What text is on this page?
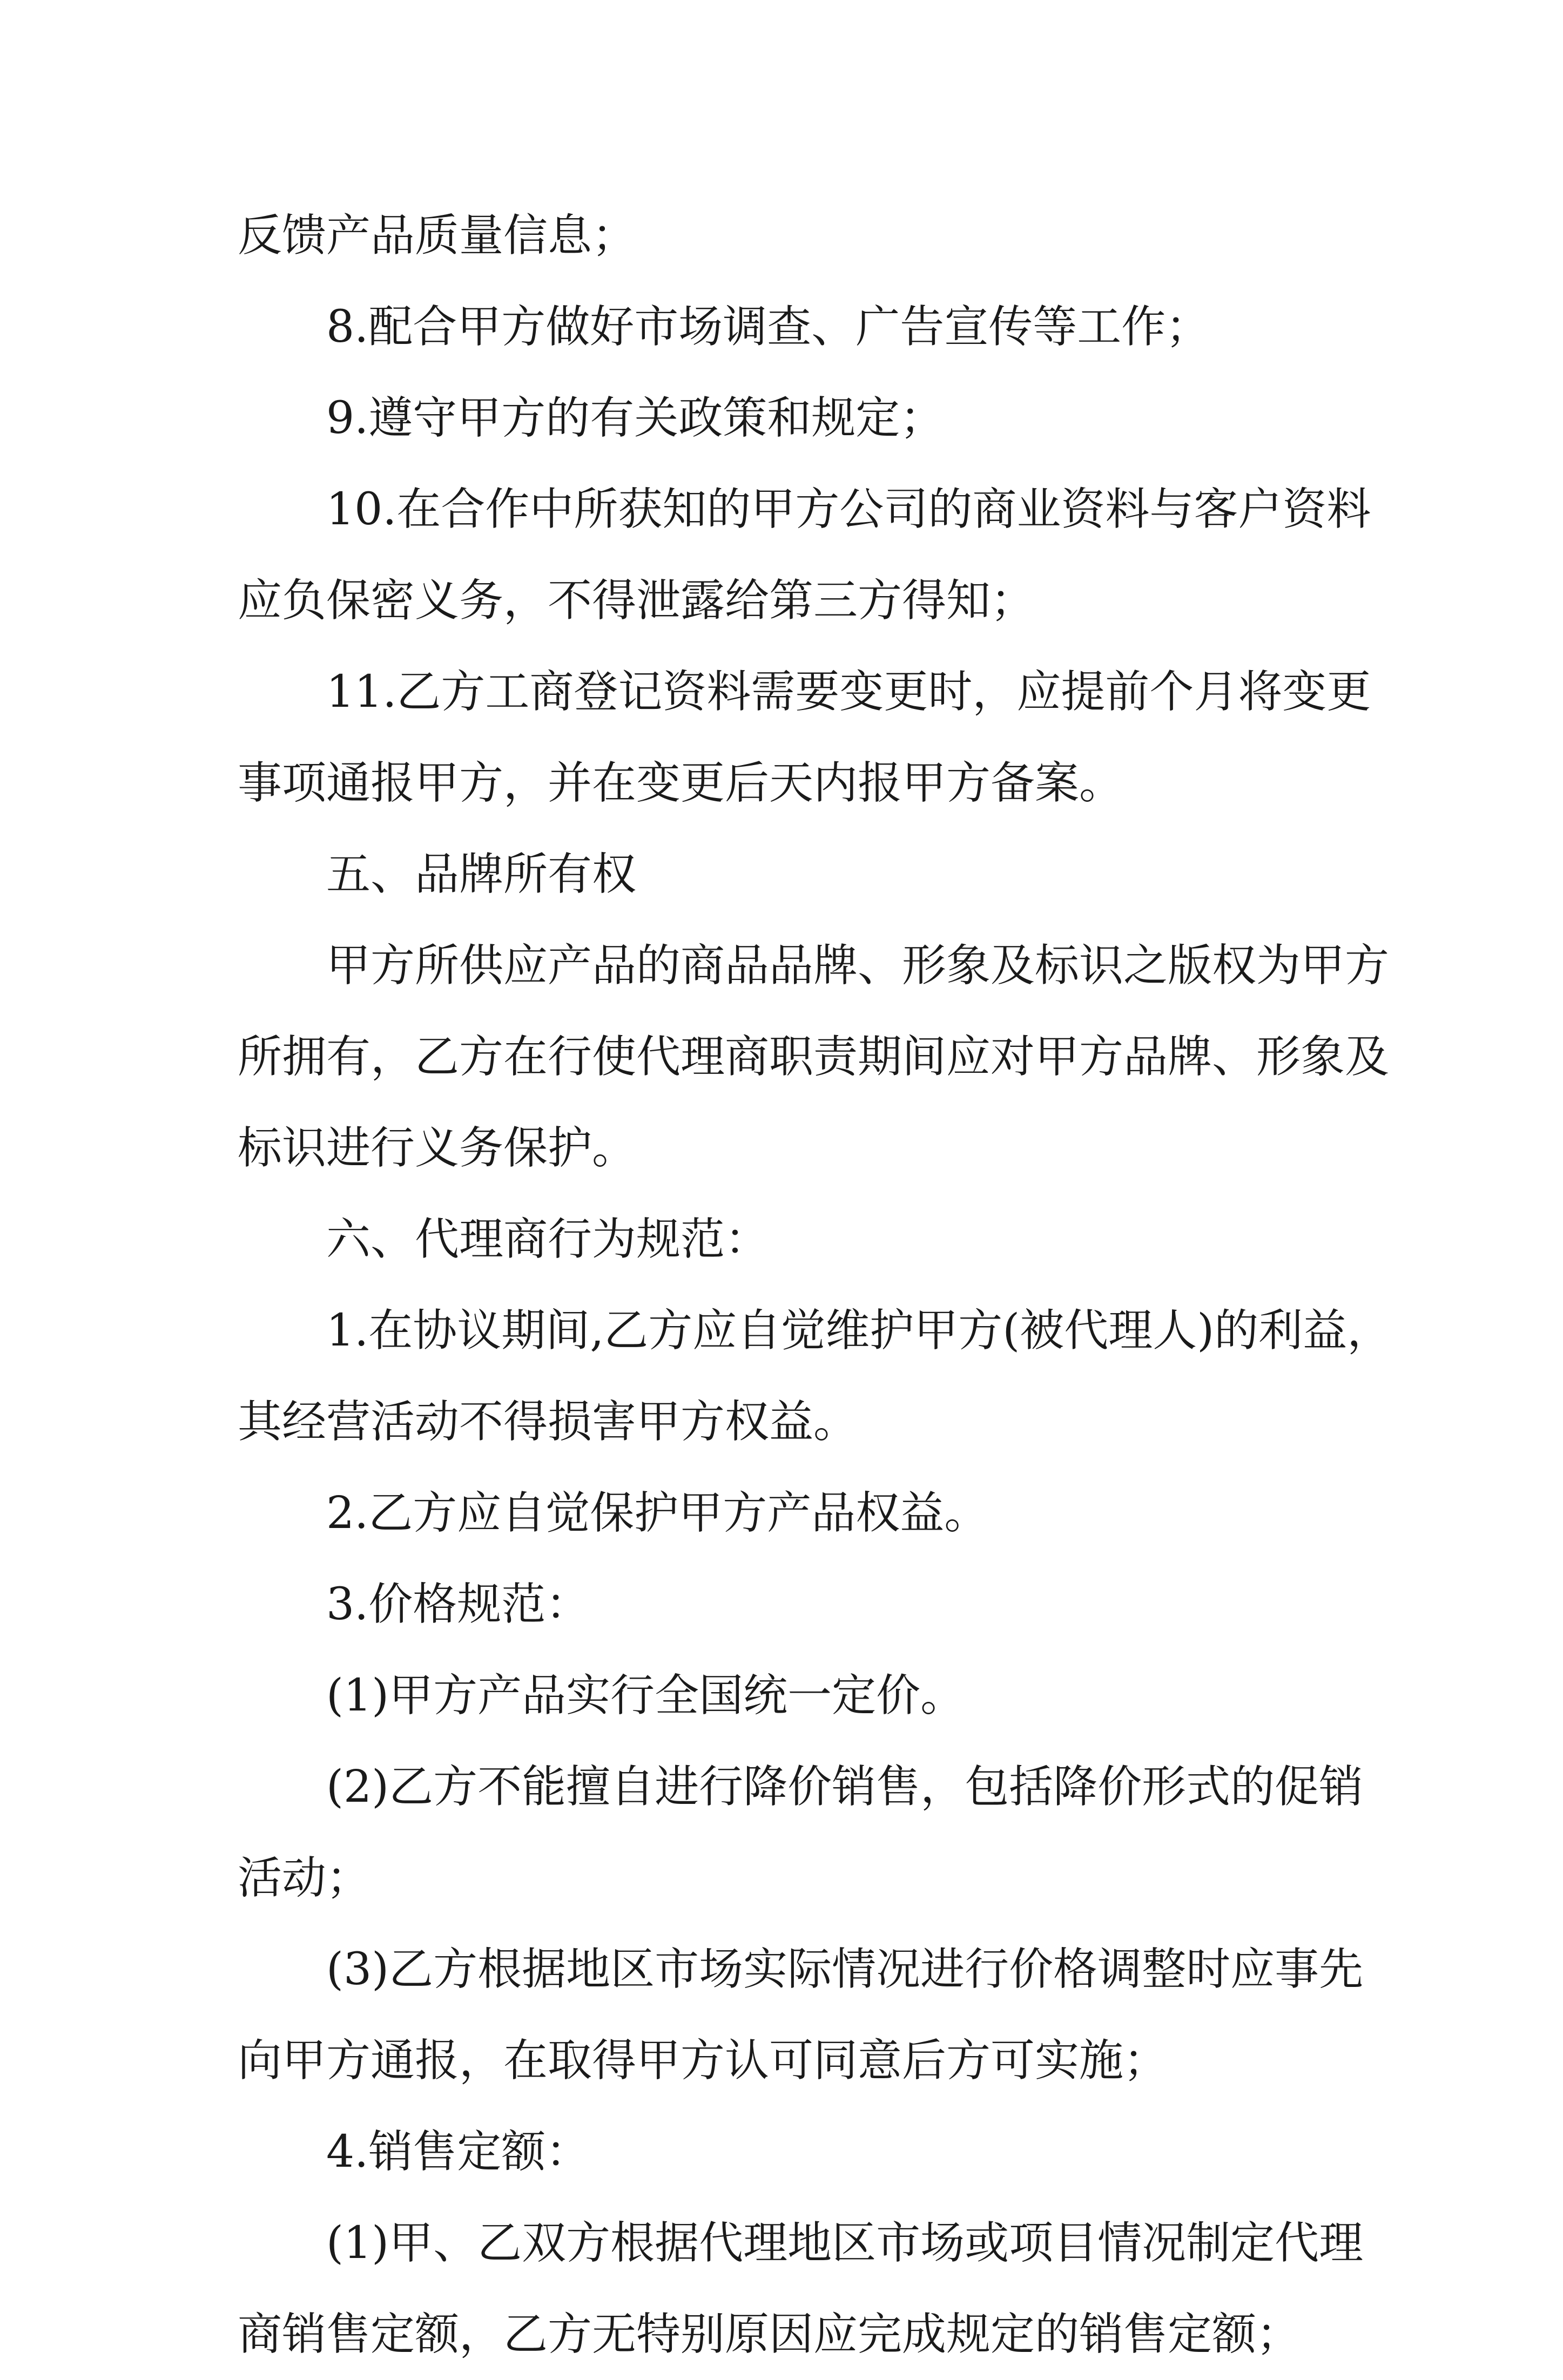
反馈产品质量信息；
8.配合甲方做好市场调查、广告宣传等工作；
9.遵守甲方的有关政策和规定；
10.在合作中所获知的甲方公司的商业资料与客户资料
应负保密义务，不得泄露给第三方得知；
11.乙方工商登记资料需要变更时，应提前个月将变更
事项通报甲方，并在变更后天内报甲方备案。
五、品牌所有权
甲方所供应产品的商品品牌、形象及标识之版权为甲方
所拥有，乙方在行使代理商职责期间应对甲方品牌、形象及
标识进行义务保护。
六、代理商行为规范：
1.在协议期间,乙方应自觉维护甲方(被代理人)的利益，
其经营活动不得损害甲方权益。
2.乙方应自觉保护甲方产品权益。
3.价格规范：
(1)甲方产品实行全国统一定价。
(2)乙方不能擅自进行降价销售，包括降价形式的促销
活动；
(3)乙方根据地区市场实际情况进行价格调整时应事先
向甲方通报，在取得甲方认可同意后方可实施；
4.销售定额：
(1)甲、乙双方根据代理地区市场或项目情况制定代理
商销售定额，乙方无特别原因应完成规定的销售定额；
